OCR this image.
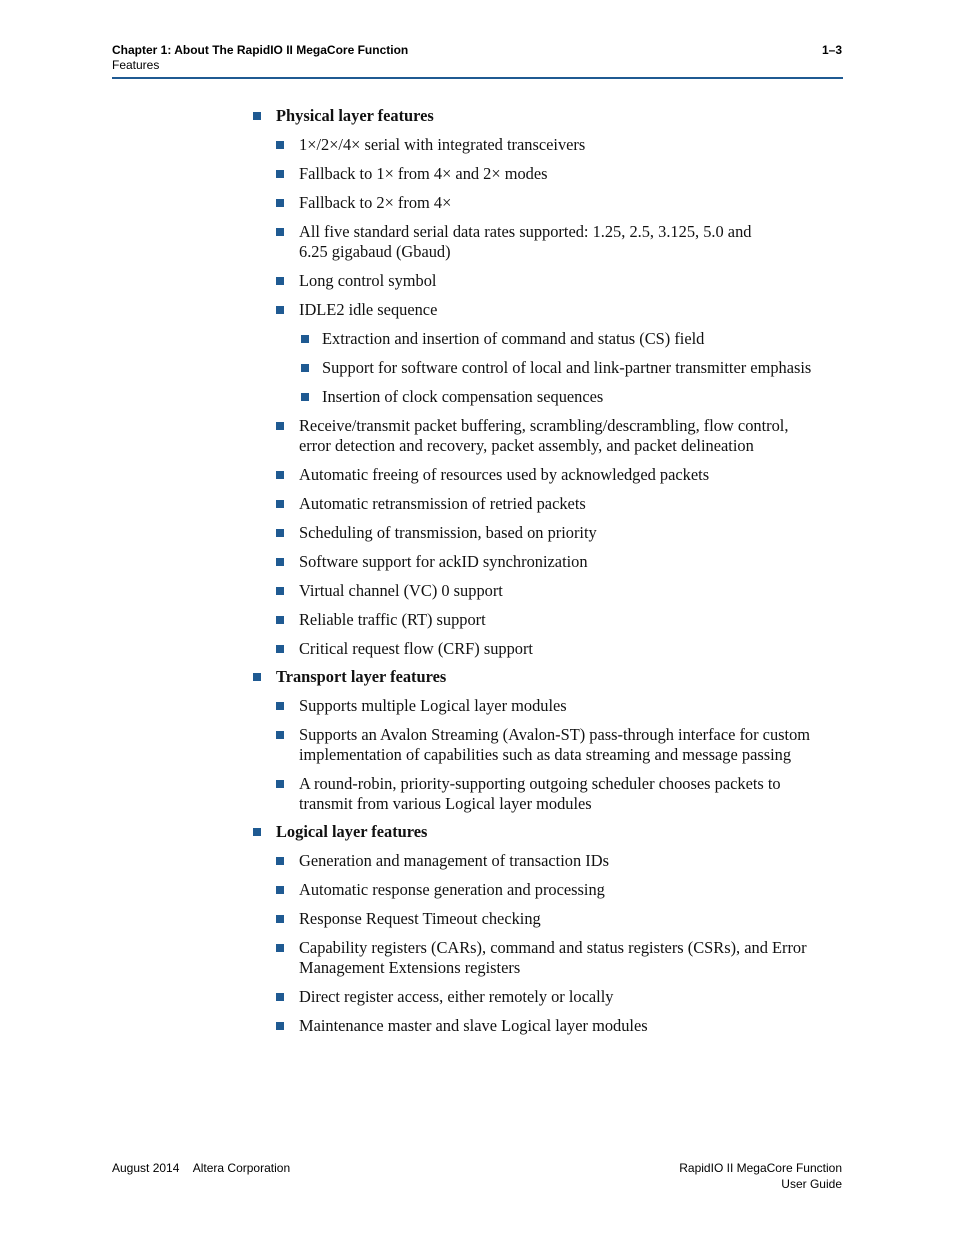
Chapter 1: About The RapidIO II MegaCore Function	1–3
Features
Physical layer features
1×/2×/4× serial with integrated transceivers
Fallback to 1× from 4× and 2× modes
Fallback to 2× from 4×
All five standard serial data rates supported: 1.25, 2.5, 3.125, 5.0 and
6.25 gigabaud (Gbaud)
Long control symbol
IDLE2 idle sequence
Extraction and insertion of command and status (CS) field
Support for software control of local and link-partner transmitter emphasis
Insertion of clock compensation sequences
Receive/transmit packet buffering, scrambling/descrambling, flow control,
error detection and recovery, packet assembly, and packet delineation
Automatic freeing of resources used by acknowledged packets
Automatic retransmission of retried packets
Scheduling of transmission, based on priority
Software support for ackID synchronization
Virtual channel (VC) 0 support
Reliable traffic (RT) support
Critical request flow (CRF) support
Transport layer features
Supports multiple Logical layer modules
Supports an Avalon Streaming (Avalon-ST) pass-through interface for custom
implementation of capabilities such as data streaming and message passing
A round-robin, priority-supporting outgoing scheduler chooses packets to
transmit from various Logical layer modules
Logical layer features
Generation and management of transaction IDs
Automatic response generation and processing
Response Request Timeout checking
Capability registers (CARs), command and status registers (CSRs), and Error
Management Extensions registers
Direct register access, either remotely or locally
Maintenance master and slave Logical layer modules
August 2014 Altera Corporation	RapidIO II MegaCore Function
User Guide
